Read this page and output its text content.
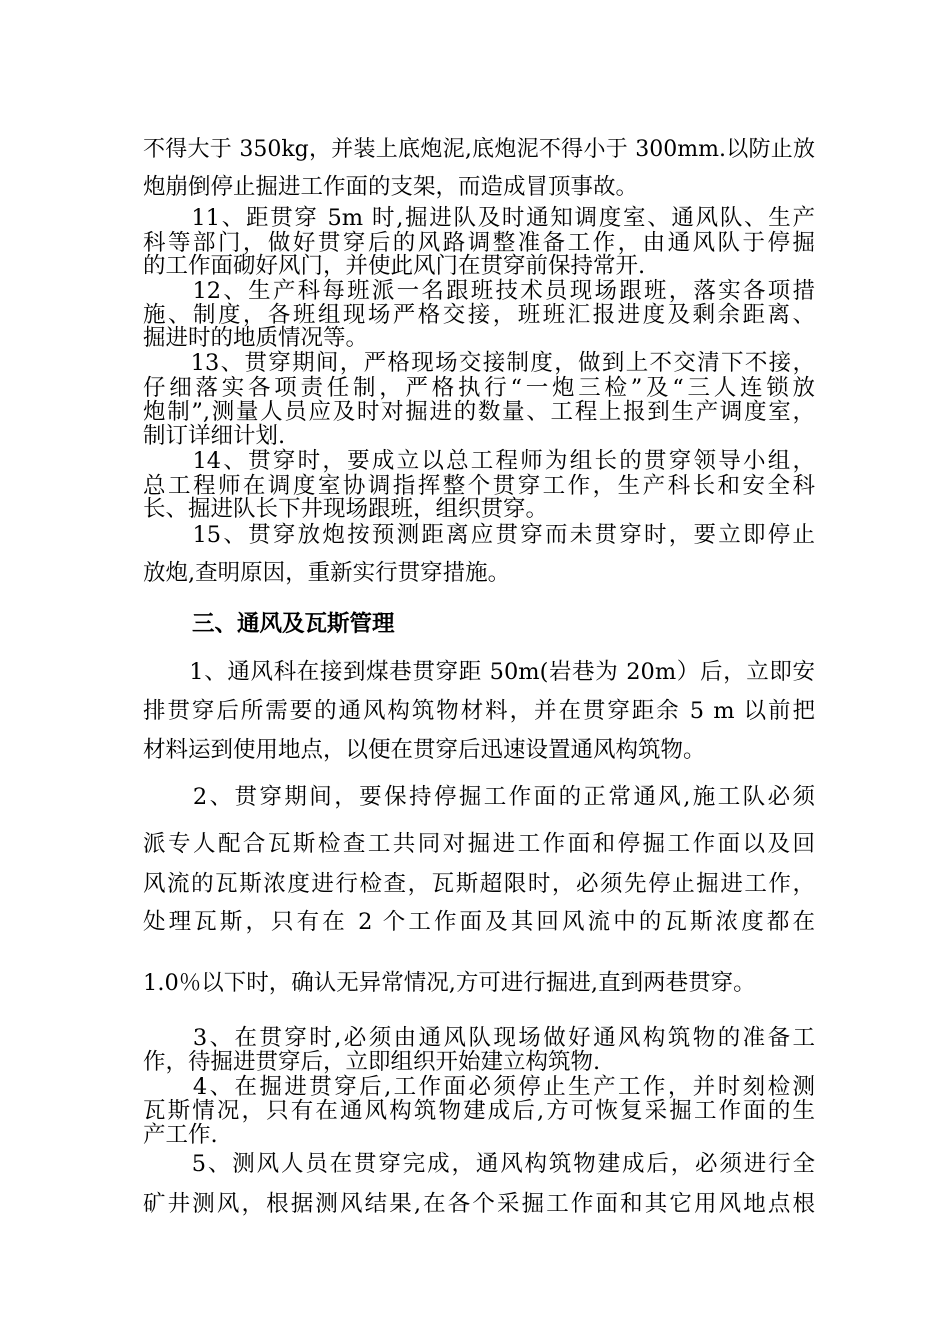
不得大于 350kg，并装上底炮泥,底炮泥不得小于 300mm.以防止放
炮崩倒停止掘进工作面的支架，而造成冒顶事故。
　　11、距贯穿 5m 时,掘进队及时通知调度室、通风队、生产
科等部门，做好贯穿后的风路调整准备工作，由通风队于停掘
的工作面砌好风门，并使此风门在贯穿前保持常开.
　　12、生产科每班派一名跟班技术员现场跟班，落实各项措
施、制度，各班组现场严格交接，班班汇报进度及剩余距离、
掘进时的地质情况等。
　　13、贯穿期间，严格现场交接制度，做到上不交清下不接，
仔细落实各项责任制，严格执行“一炮三检”及“三人连锁放
炮制”,测量人员应及时对掘进的数量、工程上报到生产调度室，
制订详细计划.
　　14、贯穿时，要成立以总工程师为组长的贯穿领导小组，
总工程师在调度室协调指挥整个贯穿工作，生产科长和安全科
长、掘进队长下井现场跟班，组织贯穿。
　　15、贯穿放炮按预测距离应贯穿而未贯穿时，要立即停止
放炮,查明原因，重新实行贯穿措施。
三、通风及瓦斯管理
　　1、通风科在接到煤巷贯穿距 50m(岩巷为 20m）后，立即安
排贯穿后所需要的通风构筑物材料，并在贯穿距余 5 m 以前把
材料运到使用地点，以便在贯穿后迅速设置通风构筑物。
　　2、贯穿期间，要保持停掘工作面的正常通风,施工队必须
派专人配合瓦斯检查工共同对掘进工作面和停掘工作面以及回
风流的瓦斯浓度进行检查，瓦斯超限时，必须先停止掘进工作，
处理瓦斯，只有在 2 个工作面及其回风流中的瓦斯浓度都在
1.0％以下时，确认无异常情况,方可进行掘进,直到两巷贯穿。
　　3、在贯穿时,必须由通风队现场做好通风构筑物的准备工
作，待掘进贯穿后，立即组织开始建立构筑物.
　　4、在掘进贯穿后,工作面必须停止生产工作，并时刻检测
瓦斯情况，只有在通风构筑物建成后,方可恢复采掘工作面的生
产工作.
　　5、测风人员在贯穿完成，通风构筑物建成后，必须进行全
矿井测风，根据测风结果,在各个采掘工作面和其它用风地点根
